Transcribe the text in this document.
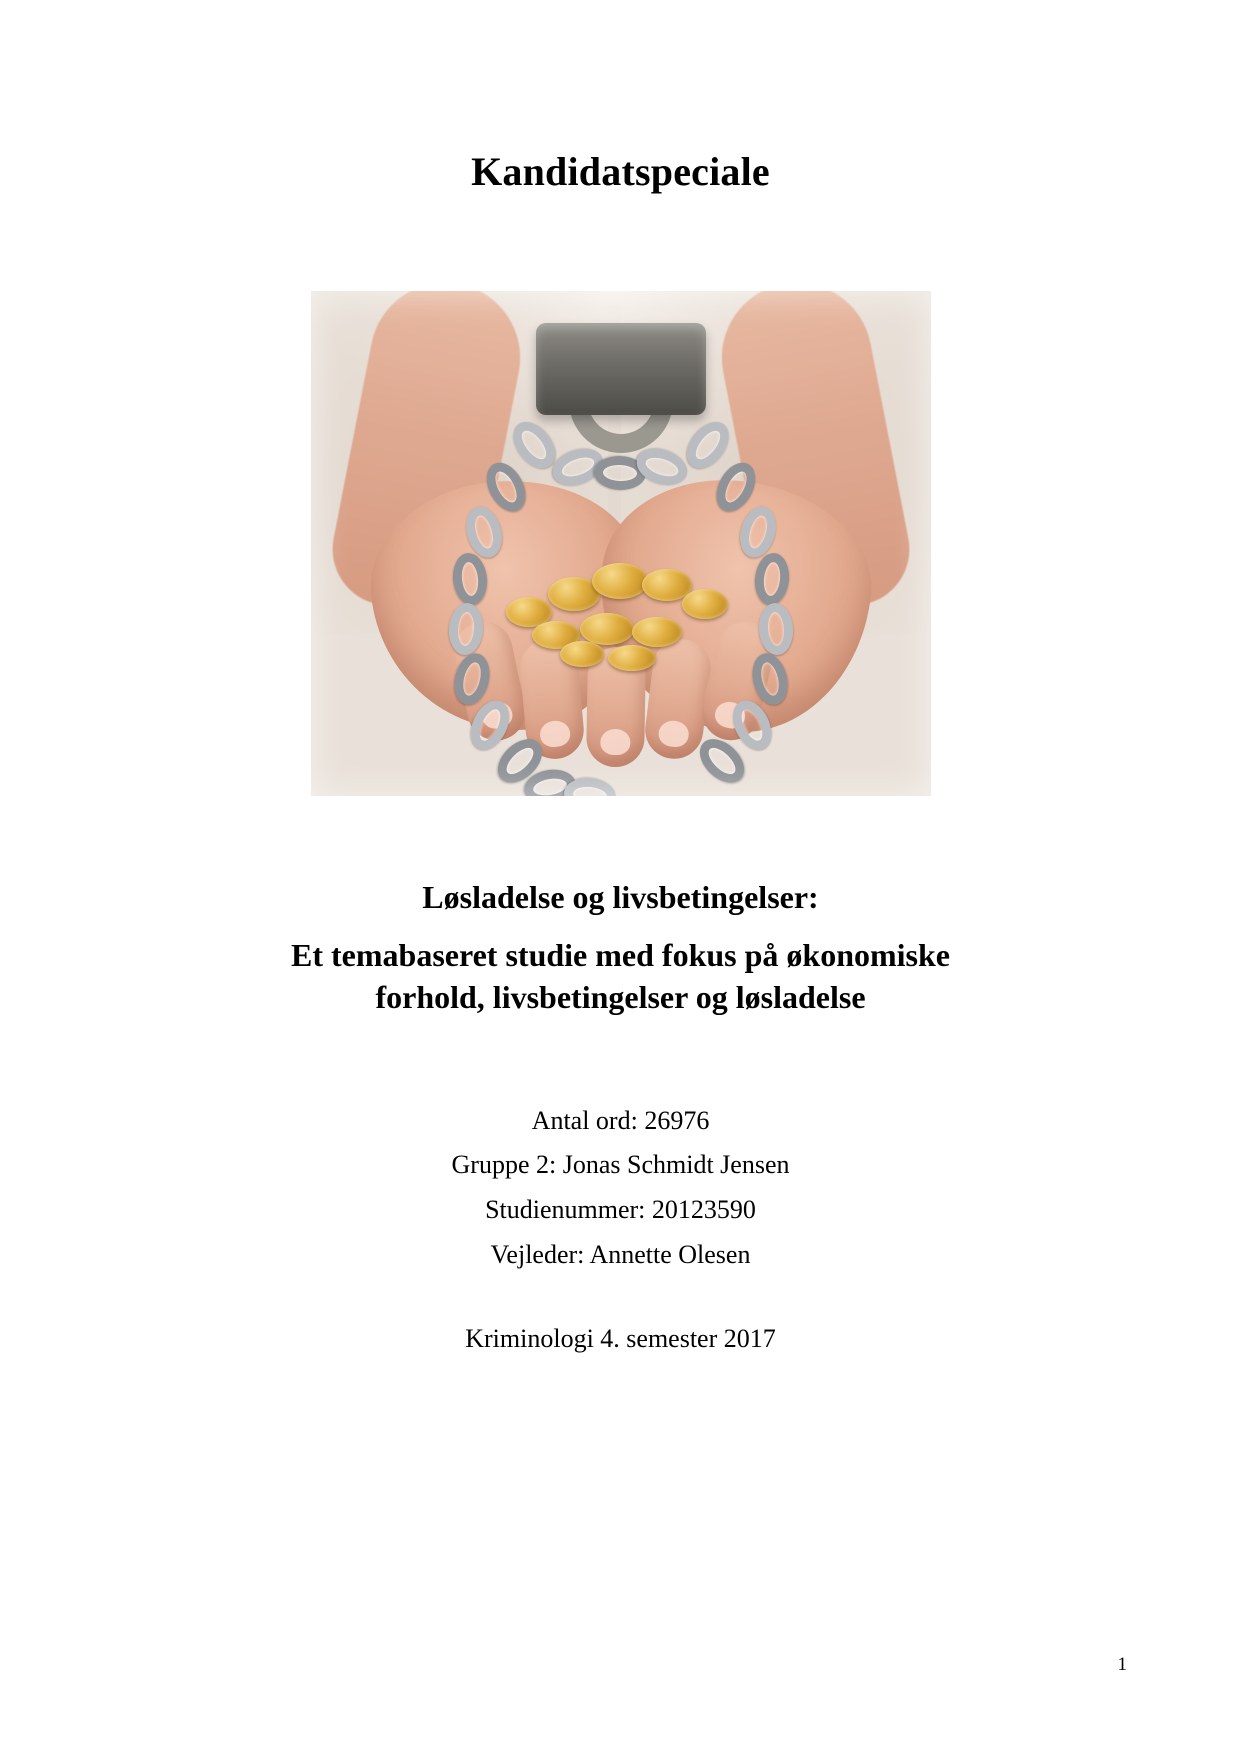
Kandidatspeciale

Løsladelse og livsbetingelser:

Et temabaseret studie med fokus på økonomiske

forhold, livsbetingelser og løsladelse

Antal ord: 26976

Gruppe 2: Jonas Schmidt Jensen

Studienummer: 20123590

Vejleder: Annette Olesen

Kriminologi 4. semester 2017

1
